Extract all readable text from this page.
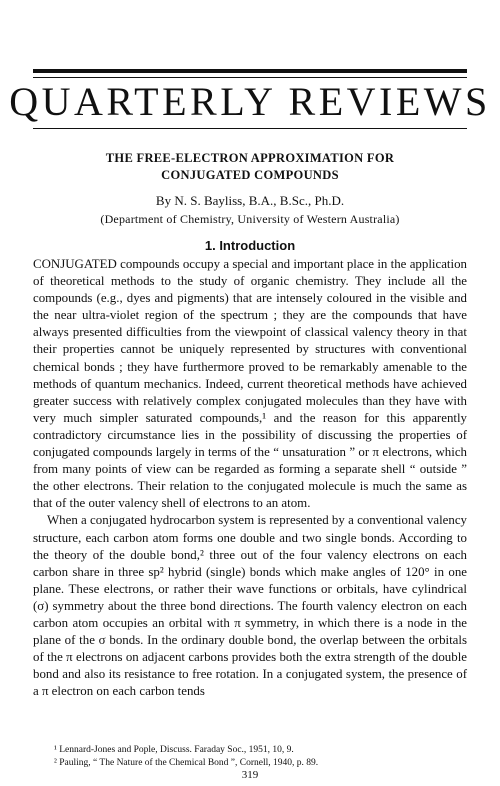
QUARTERLY REVIEWS
THE FREE-ELECTRON APPROXIMATION FOR
CONJUGATED COMPOUNDS
By N. S. Bayliss, B.A., B.Sc., Ph.D.
(Department of Chemistry, University of Western Australia)
1. Introduction

CONJUGATED compounds occupy a special and important place in the application of theoretical methods to the study of organic chemistry. They include all the compounds (e.g., dyes and pigments) that are intensely coloured in the visible and the near ultra-violet region of the spectrum ; they are the compounds that have always presented difficulties from the viewpoint of classical valency theory in that their properties cannot be uniquely represented by structures with conventional chemical bonds ; they have furthermore proved to be remarkably amenable to the methods of quantum mechanics. Indeed, current theoretical methods have achieved greater success with relatively complex conjugated molecules than they have with very much simpler saturated compounds,¹ and the reason for this apparently contradictory circumstance lies in the possibility of discussing the properties of conjugated compounds largely in terms of the “ unsaturation ” or π electrons, which from many points of view can be regarded as forming a separate shell “ outside ” the other electrons. Their relation to the conjugated molecule is much the same as that of the outer valency shell of electrons to an atom.

When a conjugated hydrocarbon system is represented by a conventional valency structure, each carbon atom forms one double and two single bonds. According to the theory of the double bond,² three out of the four valency electrons on each carbon share in three sp² hybrid (single) bonds which make angles of 120° in one plane. These electrons, or rather their wave functions or orbitals, have cylindrical (σ) symmetry about the three bond directions. The fourth valency electron on each carbon atom occupies an orbital with π symmetry, in which there is a node in the plane of the σ bonds. In the ordinary double bond, the overlap between the orbitals of the π electrons on adjacent carbons provides both the extra strength of the double bond and also its resistance to free rotation. In a conjugated system, the presence of a π electron on each carbon tends

¹ Lennard-Jones and Pople, Discuss. Faraday Soc., 1951, 10, 9.
² Pauling, “ The Nature of the Chemical Bond ”, Cornell, 1940, p. 89.
319
